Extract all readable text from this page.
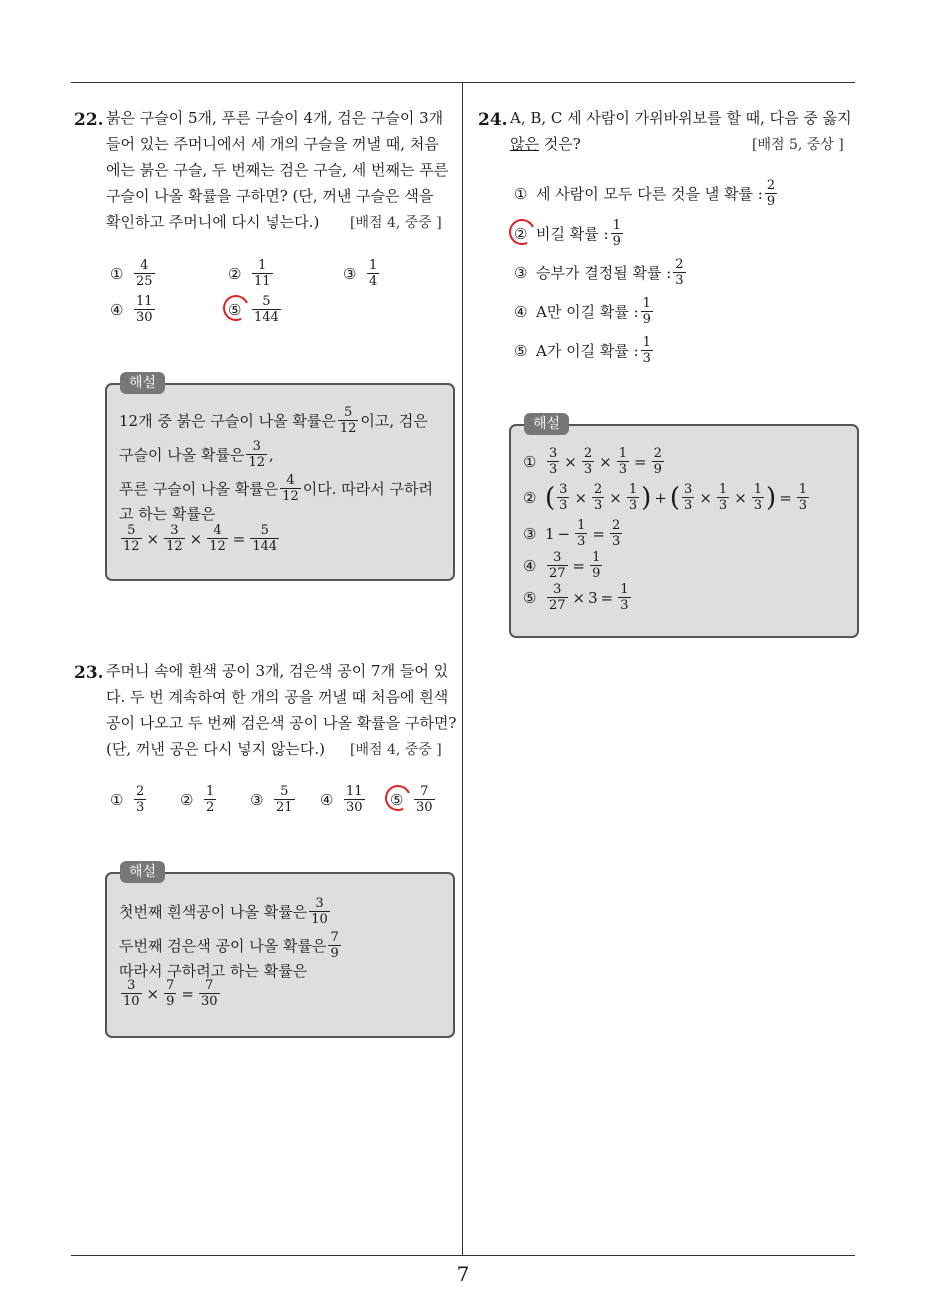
7
22. 붉은 구슬이 5개, 푸른 구슬이 4개, 검은 구슬이 3개
들어 있는 주머니에서 세 개의 구슬을 꺼낼 때, 처음
에는 붉은 구슬, 두 번째는 검은 구슬, 세 번째는 푸른
구슬이 나올 확률을 구하면? (단, 꺼낸 구슬은 색을
확인하고 주머니에 다시 넣는다.) [배점 4, 중중 ]
① $\frac{4}{25}$	② $\frac{1}{11}$	③ $\frac{1}{4}$
④ $\frac{11}{30}$	⑤ $\frac{5}{144}$
12개 중 붉은 구슬이 나올 확률은 $\frac{5}{12}$ 이고, 검은
구슬이 나올 확률은 $\frac{3}{12}$ ,
푸른 구슬이 나올 확률은 $\frac{4}{12}$ 이다. 따라서 구하려
고 하는 확률은
$\frac{5}{12} \times \frac{3}{12} \times \frac{4}{12} = \frac{5}{144}$
해설
23. 주머니 속에 흰색 공이 3개, 검은색 공이 7개 들어 있
다. 두 번 계속하여 한 개의 공을 꺼낼 때 처음에 흰색
공이 나오고 두 번째 검은색 공이 나올 확률을 구하면?
(단, 꺼낸 공은 다시 넣지 않는다.) [배점 4, 중중 ]
① $\frac{2}{3}$ ② $\frac{1}{2}$ ③ $\frac{5}{21}$ ④ $\frac{11}{30}$ ⑤ $\frac{7}{30}$
첫번째 흰색공이 나올 확률은 $\frac{3}{10}$
두번째 검은색 공이 나올 확률은 $\frac{7}{9}$
따라서 구하려고 하는 확률은
$\frac{3}{10} \times \frac{7}{9} = \frac{7}{30}$
해설
24. A, B, C 세 사람이 가위바위보를 할 때, 다음 중 옳지
않은 것은?	[배점 5, 중상 ]
① 세 사람이 모두 다른 것을 낼 확률 : $\frac{2}{9}$
② 비길 확률 : $\frac{1}{9}$
③ 승부가 결정될 확률 : $\frac{2}{3}$
④ A만 이길 확률 : $\frac{1}{9}$
⑤ A가 이길 확률 : $\frac{1}{3}$
① $\frac{3}{3} \times \frac{2}{3} \times \frac{1}{3} = \frac{2}{9}$
② ( $\frac{3}{3} \times \frac{2}{3} \times \frac{1}{3}$ ) + ( $\frac{3}{3} \times \frac{1}{3} \times \frac{1}{3}$ ) = $\frac{1}{3}$
③ $1 - \frac{1}{3} = \frac{2}{3}$
④ $\frac{3}{27} = \frac{1}{9}$
⑤ $\frac{3}{27} \times 3 = \frac{1}{3}$
해설
